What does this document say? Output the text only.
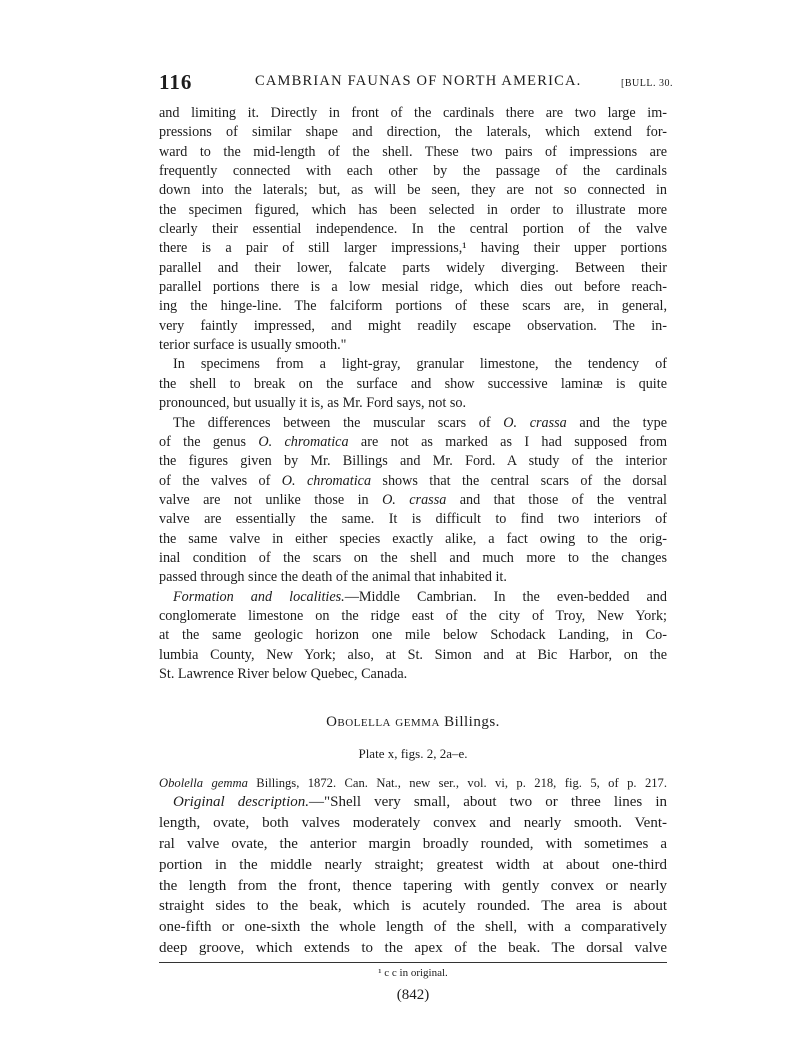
116	CAMBRIAN FAUNAS OF NORTH AMERICA.	[BULL. 30.
and limiting it. Directly in front of the cardinals there are two large im-
pressions of similar shape and direction, the laterals, which extend for-
ward to the mid-length of the shell. These two pairs of impressions are
frequently connected with each other by the passage of the cardinals
down into the laterals; but, as will be seen, they are not so connected in
the specimen figured, which has been selected in order to illustrate more
clearly their essential independence. In the central portion of the valve
there is a pair of still larger impressions,¹ having their upper portions
parallel and their lower, falcate parts widely diverging. Between their
parallel portions there is a low mesial ridge, which dies out before reach-
ing the hinge-line. The falciform portions of these scars are, in general,
very faintly impressed, and might readily escape observation. The in-
terior surface is usually smooth."
In specimens from a light-gray, granular limestone, the tendency of
the shell to break on the surface and show successive laminæ is quite
pronounced, but usually it is, as Mr. Ford says, not so.
The differences between the muscular scars of O. crassa and the type
of the genus O. chromatica are not as marked as I had supposed from
the figures given by Mr. Billings and Mr. Ford. A study of the interior
of the valves of O. chromatica shows that the central scars of the dorsal
valve are not unlike those in O. crassa and that those of the ventral
valve are essentially the same. It is difficult to find two interiors of
the same valve in either species exactly alike, a fact owing to the orig-
inal condition of the scars on the shell and much more to the changes
passed through since the death of the animal that inhabited it.
Formation and localities.—Middle Cambrian. In the even-bedded and
conglomerate limestone on the ridge east of the city of Troy, New York;
at the same geologic horizon one mile below Schodack Landing, in Co-
lumbia County, New York; also, at St. Simon and at Bic Harbor, on the
St. Lawrence River below Quebec, Canada.
Obolella gemma Billings.
Plate x, figs. 2, 2a–e.
Obolella gemma Billings, 1872. Can. Nat., new ser., vol. vi, p. 218, fig. 5, of p. 217.
Original description.—"Shell very small, about two or three lines in
length, ovate, both valves moderately convex and nearly smooth. Vent-
ral valve ovate, the anterior margin broadly rounded, with sometimes a
portion in the middle nearly straight; greatest width at about one-third
the length from the front, thence tapering with gently convex or nearly
straight sides to the beak, which is acutely rounded. The area is about
one-fifth or one-sixth the whole length of the shell, with a comparatively
deep groove, which extends to the apex of the beak. The dorsal valve
¹ c c in original.
(842)
